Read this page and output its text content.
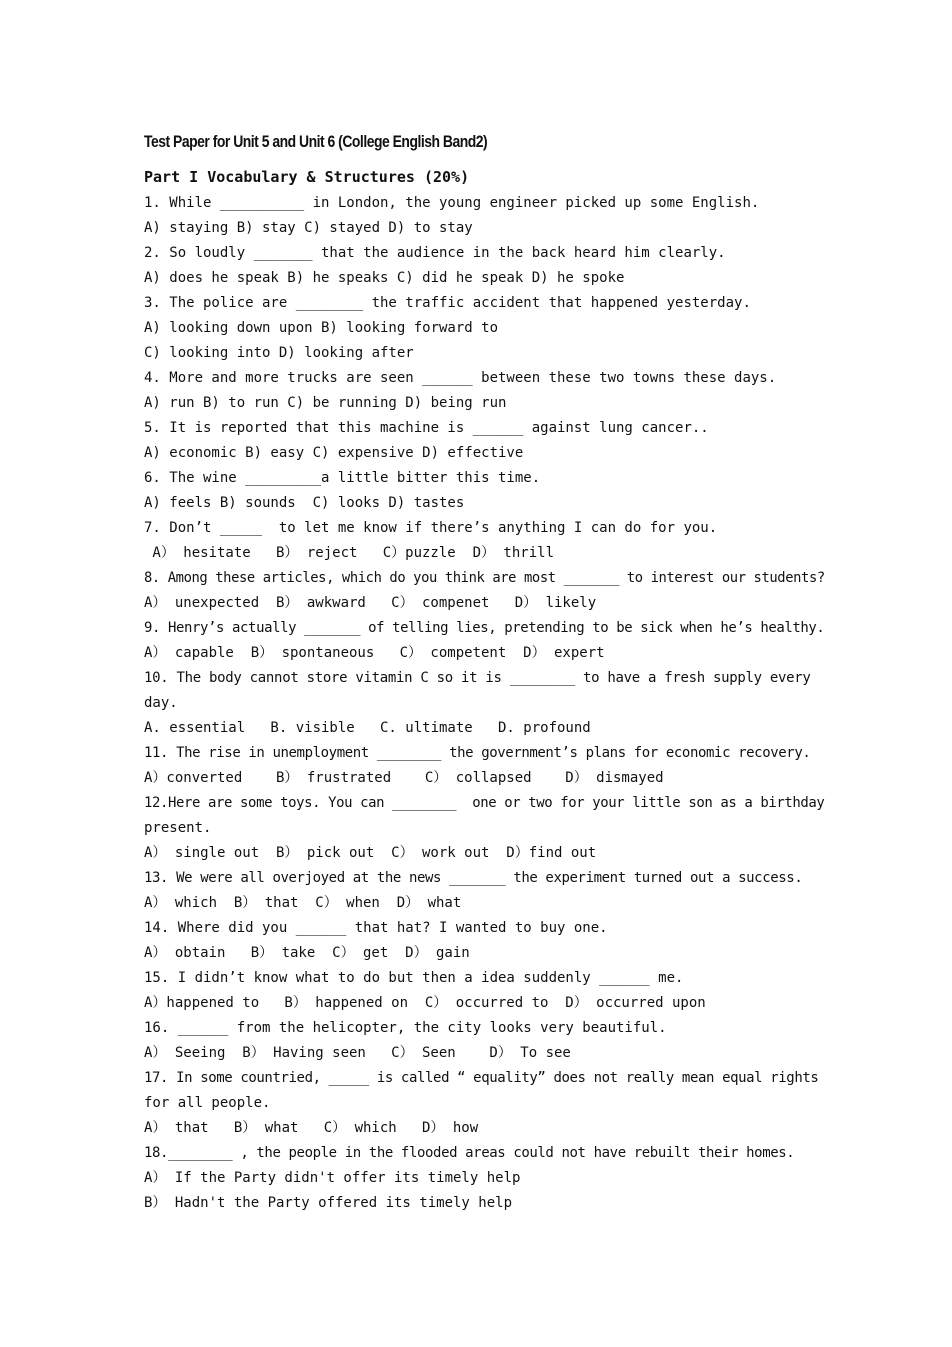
Test Paper for Unit 5 and Unit 6 (College English Band2)
Part I Vocabulary & Structures (20%)
1. While __________ in London, the young engineer picked up some English.
A) staying B) stay C) stayed D) to stay
2. So loudly _______ that the audience in the back heard him clearly.
A) does he speak B) he speaks C) did he speak D) he spoke
3. The police are ________ the traffic accident that happened yesterday.
A) looking down upon B) looking forward to
C) looking into D) looking after
4. More and more trucks are seen ______ between these two towns these days.
A) run B) to run C) be running D) being run
5. It is reported that this machine is ______ against lung cancer..
A) economic B) easy C) expensive D) effective
6. The wine _________a little bitter this time.
A) feels B) sounds  C) looks D) tastes
7. Don’t _____  to let me know if there’s anything I can do for you.
A） hesitate   B） reject   C）puzzle  D） thrill
8. Among these articles, which do you think are most _______ to interest our students?
A） unexpected  B） awkward   C） compenet   D） likely
9. Henry’s actually _______ of telling lies, pretending to be sick when he’s healthy.
A） capable  B） spontaneous   C） competent  D） expert
10. The body cannot store vitamin C so it is ________ to have a fresh supply every
day.
A. essential   B. visible   C. ultimate   D. profound
11. The rise in unemployment ________ the government’s plans for economic recovery.
A）converted    B） frustrated    C） collapsed    D） dismayed
12.Here are some toys. You can ________  one or two for your little son as a birthday
present.
A） single out  B） pick out  C） work out  D）find out
13. We were all overjoyed at the news _______ the experiment turned out a success.
A） which  B） that  C） when  D） what
14. Where did you ______ that hat? I wanted to buy one.
A） obtain   B） take  C） get  D） gain
15. I didn’t know what to do but then a idea suddenly ______ me.
A）happened to   B） happened on  C） occurred to  D） occurred upon
16. ______ from the helicopter, the city looks very beautiful.
A） Seeing  B） Having seen   C） Seen    D） To see
17. In some countried, _____ is called “ equality” does not really mean equal rights
for all people.
A） that   B） what   C） which   D） how
18.________ , the people in the flooded areas could not have rebuilt their homes.
A） If the Party didn't offer its timely help
B） Hadn't the Party offered its timely help
